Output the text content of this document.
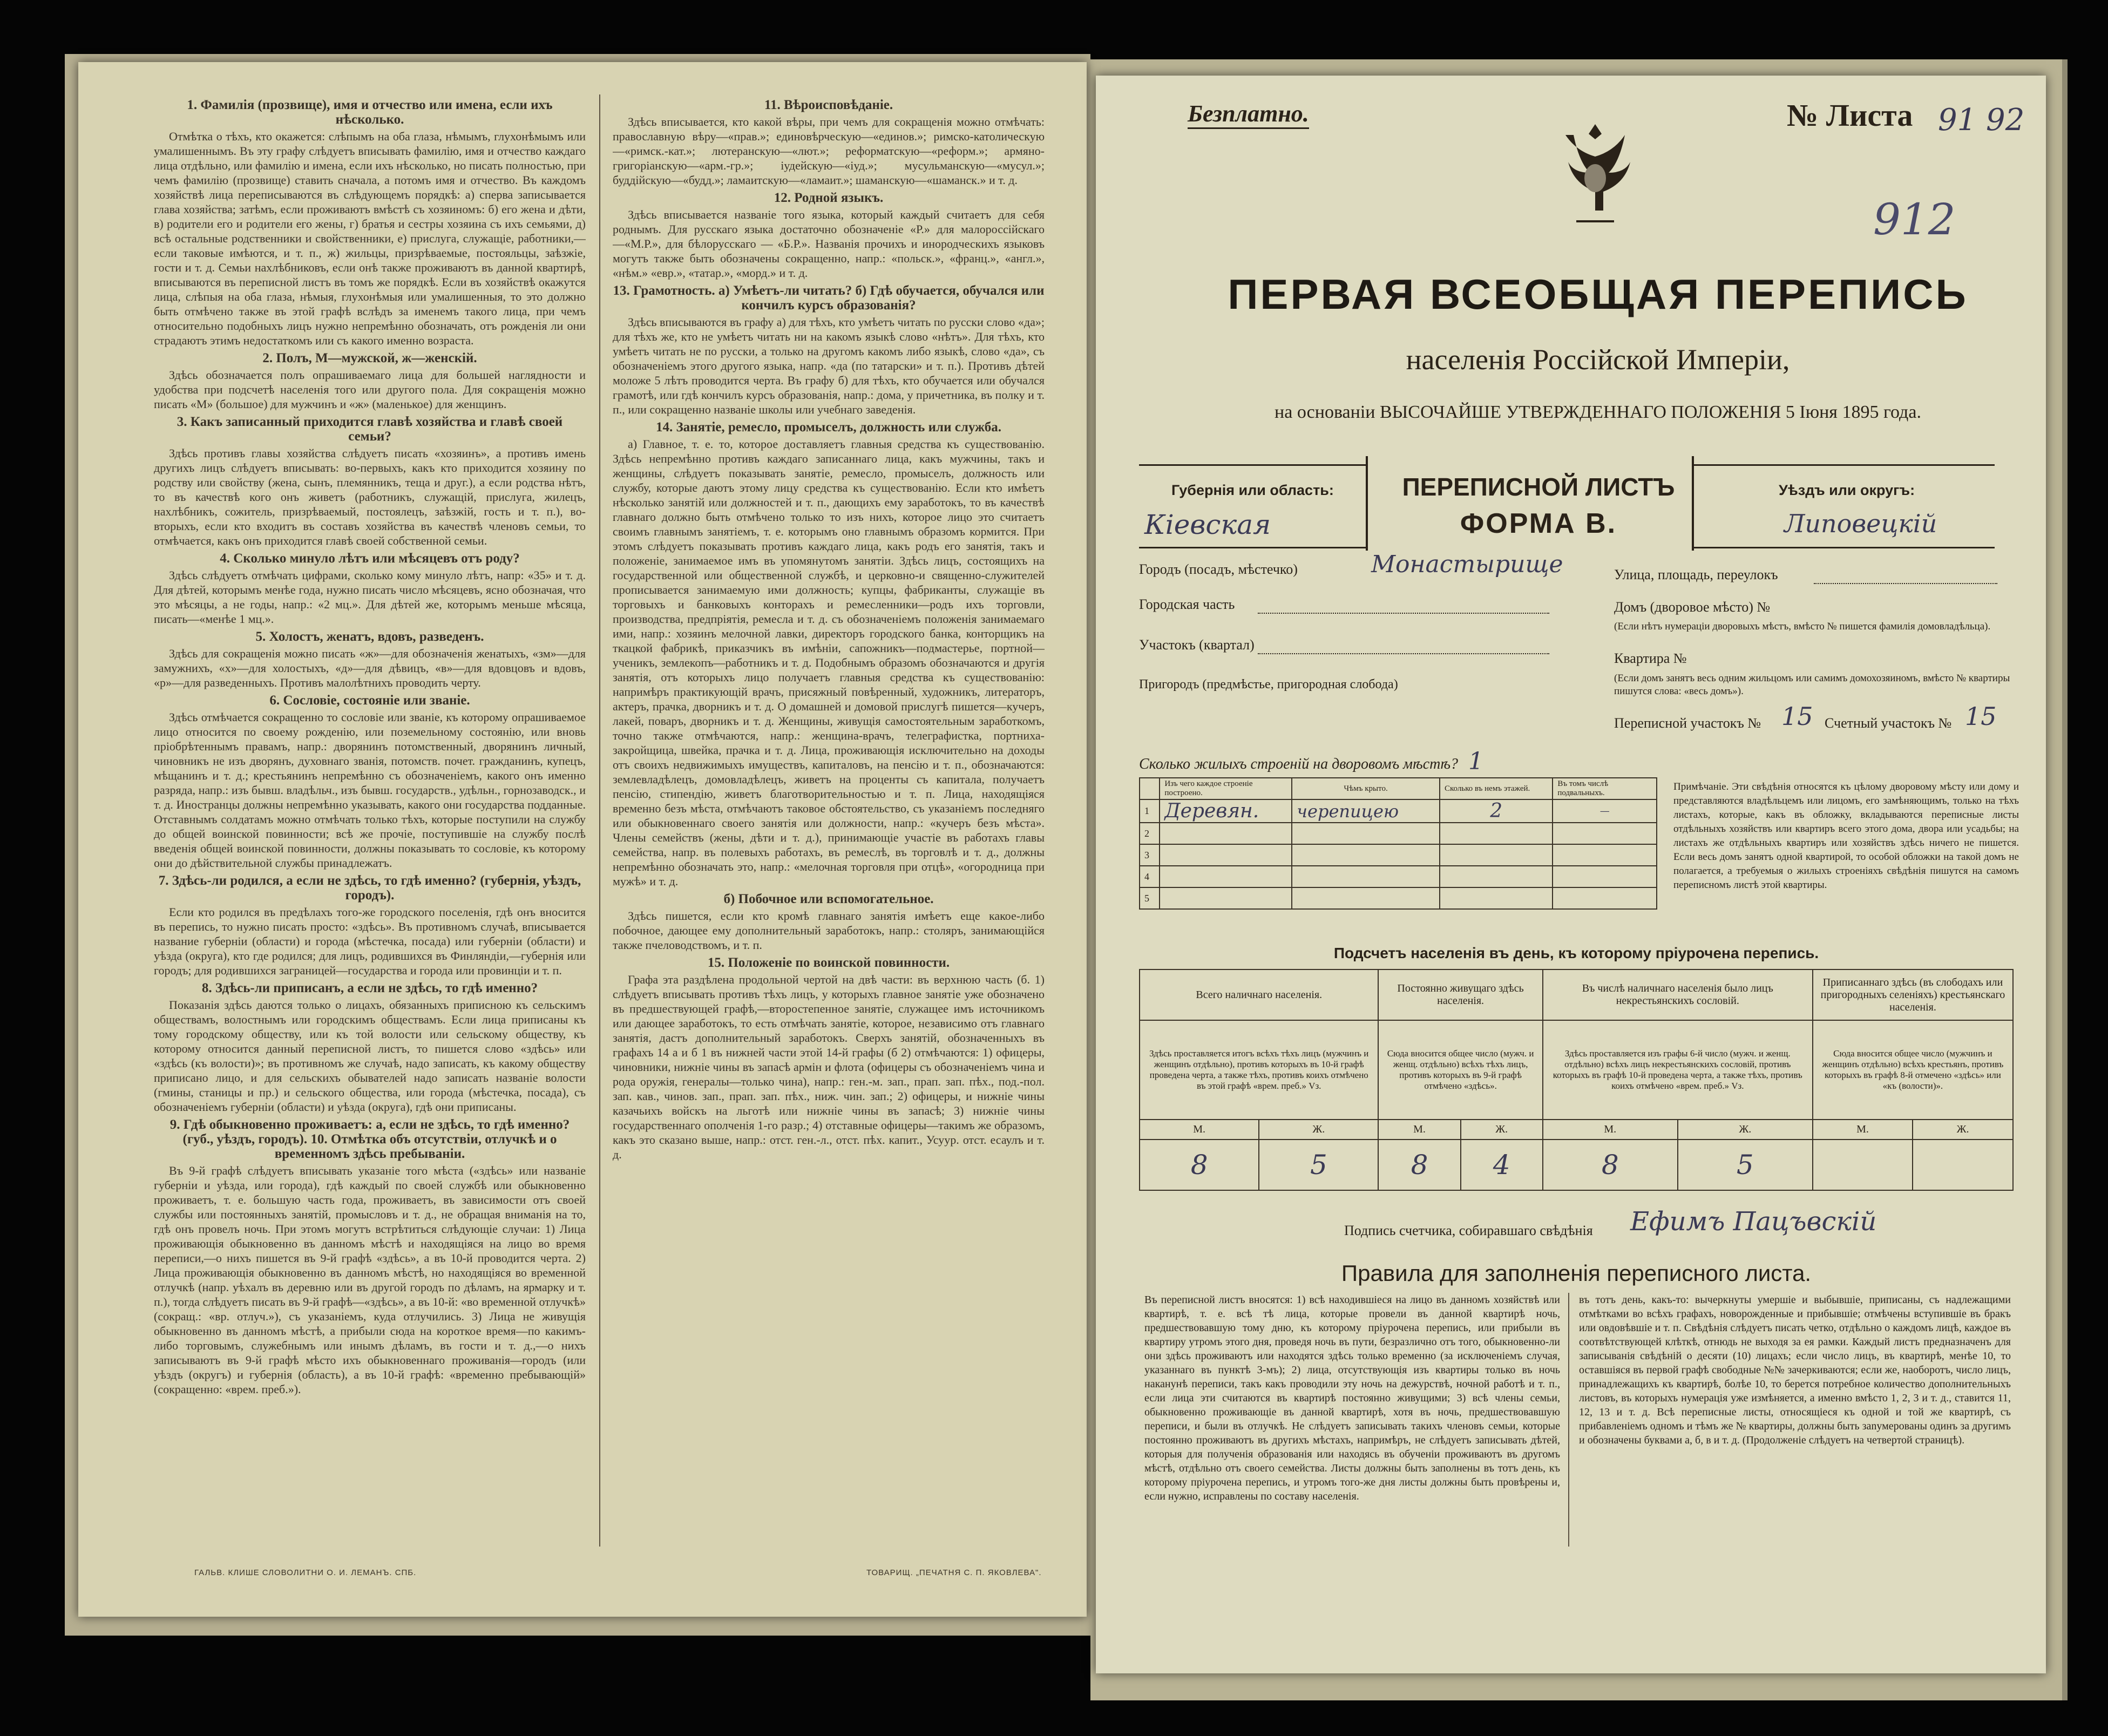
1. Фамилія (прозвище), имя и отчество или имена, если ихъ нѣсколько.

Отмѣтка о тѣхъ, кто окажется: слѣпымъ на оба глаза, нѣмымъ, глухонѣмымъ или умалишеннымъ. Въ эту графу слѣдуетъ вписывать фамилію, имя и отчество каждаго лица отдѣльно, или фамилію и имена, если ихъ нѣсколько, но писать полностью, при чемъ фамилію (прозвище) ставить сначала, а потомъ имя и отчество. Въ каждомъ хозяйствѣ лица переписываются въ слѣдующемъ порядкѣ: а) сперва записывается глава хозяйства; затѣмъ, если проживаютъ вмѣстѣ съ хозяиномъ: б) его жена и дѣти, в) родители его и родители его жены, г) братья и сестры хозяина съ ихъ семьями, д) всѣ остальные родственники и свойственники, е) прислуга, служащіе, работники,—если таковые имѣются, и т. п., ж) жильцы, призрѣваемые, постояльцы, заѣзжіе, гости и т. д. Семьи нахлѣбниковъ, если онѣ также проживаютъ въ данной квартирѣ, вписываются въ переписной листъ въ томъ же порядкѣ. Если въ хозяйствѣ окажутся лица, слѣпыя на оба глаза, нѣмыя, глухонѣмыя или умалишенныя, то это должно быть отмѣчено также въ этой графѣ вслѣдъ за именемъ такого лица, при чемъ относительно подобныхъ лицъ нужно непремѣнно обозначать, отъ рожденія ли они страдаютъ этимъ недостаткомъ или съ какого именно возраста.

2. Полъ, М—мужской, ж—женскій.

Здѣсь обозначается полъ опрашиваемаго лица для большей наглядности и удобства при подсчетѣ населенія того или другого пола. Для сокращенія можно писать «М» (большое) для мужчинъ и «ж» (маленькое) для женщинъ.

3. Какъ записанный приходится главѣ хозяйства и главѣ своей семьи?

Здѣсь противъ главы хозяйства слѣдуетъ писать «хозяинъ», а противъ имень другихъ лицъ слѣдуетъ вписывать: во-первыхъ, какъ кто приходится хозяину по родству или свойству (жена, сынъ, племянникъ, теща и друг.), а если родства нѣтъ, то въ качествѣ кого онъ живетъ (работникъ, служащій, прислуга, жилецъ, нахлѣбникъ, сожитель, призрѣваемый, постоялецъ, заѣзжій, гость и т. п.), во-вторыхъ, если кто входитъ въ составъ хозяйства въ качествѣ членовъ семьи, то отмѣчается, какъ онъ приходится главѣ своей собственной семьи.

4. Сколько минуло лѣтъ или мѣсяцевъ отъ роду?

Здѣсь слѣдуетъ отмѣчать цифрами, сколько кому минуло лѣтъ, напр: «35» и т. д. Для дѣтей, которымъ менѣе года, нужно писать число мѣсяцевъ, ясно обозначая, что это мѣсяцы, а не годы, напр.: «2 мц.». Для дѣтей же, которымъ меньше мѣсяца, писать—«менѣе 1 мц.».

5. Холостъ, женатъ, вдовъ, разведенъ.

Здѣсь для сокращенія можно писать «ж»—для обозначенія женатыхъ, «зм»—для замужнихъ, «х»—для холостыхъ, «д»—для дѣвицъ, «в»—для вдовцовъ и вдовъ, «р»—для разведенныхъ. Противъ малолѣтнихъ проводить черту.

6. Сословіе, состояніе или званіе.

Здѣсь отмѣчается сокращенно то сословіе или званіе, къ которому опрашиваемое лицо относится по своему рожденію, или поземельному состоянію, или вновь пріобрѣтеннымъ правамъ, напр.: дворянинъ потомственный, дворянинъ личный, чиновникъ не изъ дворянъ, духовнаго званія, потомств. почет. гражданинъ, купецъ, мѣщанинъ и т. д.; крестьянинъ непремѣнно съ обозначеніемъ, какого онъ именно разряда, напр.: изъ бывш. владѣльч., изъ бывш. государств., удѣльн., горнозаводск., и т. д. Иностранцы должны непремѣнно указывать, какого они государства подданные. Отставнымъ солдатамъ можно отмѣчать только тѣхъ, которые поступили на службу до общей воинской повинности; всѣ же прочіе, поступившіе на службу послѣ введенія общей воинской повинности, должны показывать то сословіе, къ которому они до дѣйствительной службы принадлежатъ.

7. Здѣсь-ли родился, а если не здѣсь, то гдѣ именно? (губернія, уѣздъ, городъ).

Если кто родился въ предѣлахъ того-же городского поселенія, гдѣ онъ вносится въ перепись, то нужно писать просто: «здѣсь». Въ противномъ случаѣ, вписывается название губерніи (области) и города (мѣстечка, посада) или губерніи (области) и уѣзда (округа), кто где родился; для лицъ, родившихся въ Финляндіи,—губернія или городъ; для родившихся заграницей—государства и города или провинціи и т. п.

8. Здѣсь-ли приписанъ, а если не здѣсь, то гдѣ именно?

Показанія здѣсь даются только о лицахъ, обязанныхъ приписною къ сельскимъ обществамъ, волостнымъ или городскимъ обществамъ. Если лица приписаны къ тому городскому обществу, или къ той волости или сельскому обществу, къ которому относится данный переписной листъ, то пишется слово «здѣсь» или «здѣсь (къ волости)»; въ противномъ же случаѣ, надо записать, къ какому обществу приписано лицо, и для сельскихъ обывателей надо записать названіе волости (гмины, станицы и пр.) и сельского общества, или города (мѣстечка, посада), съ обозначеніемъ губерніи (области) и уѣзда (округа), гдѣ они приписаны.

9. Гдѣ обыкновенно проживаетъ: а, если не здѣсь, то гдѣ именно? (губ., уѣздъ, городъ). 10. Отмѣтка объ отсутствіи, отлучкѣ и о временномъ здѣсь пребываніи.

Въ 9-й графѣ слѣдуетъ вписывать указаніе того мѣста («здѣсь» или названіе губерніи и уѣзда, или города), гдѣ каждый по своей службѣ или обыкновенно проживаетъ, т. е. большую часть года, проживаетъ, въ зависимости отъ своей службы или постоянныхъ занятій, промысловъ и т. д., не обращая вниманія на то, гдѣ онъ провелъ ночь. При этомъ могутъ встрѣтиться слѣдующіе случаи: 1) Лица проживающія обыкновенно въ данномъ мѣстѣ и находящіяся на лицо во время переписи,—о нихъ пишется въ 9-й графѣ «здѣсь», а въ 10-й проводится черта. 2) Лица проживающія обыкновенно въ данномъ мѣстѣ, но находящіяся во временной отлучкѣ (напр. уѣхалъ въ деревню или въ другой городъ по дѣламъ, на ярмарку и т. п.), тогда слѣдуетъ писать въ 9-й графѣ—«здѣсь», а въ 10-й: «во временной отлучкѣ» (сокращ.: «вр. отлуч.»), съ указаніемъ, куда отлучились. 3) Лица не живущія обыкновенно въ данномъ мѣстѣ, а прибыли сюда на короткое время—по какимъ-либо торговымъ, служебнымъ или инымъ дѣламъ, въ гости и т. д.,—о нихъ записываютъ въ 9-й графѣ мѣсто ихъ обыкновеннаго проживанія—городъ (или уѣздъ (округъ) и губернія (область), а въ 10-й графѣ: «временно пребывающій» (сокращенно: «врем. преб.»).

11. Вѣроисповѣданіе.

Здѣсь вписывается, кто какой вѣры, при чемъ для сокращенія можно отмѣчать: православную вѣру—«прав.»; единовѣрческую—«единов.»; римско-католическую—«римск.-кат.»; лютеранскую—«лют.»; реформатскую—«реформ.»; армяно-григоріанскую—«арм.-гр.»; іудейскую—«іуд.»; мусульманскую—«мусул.»; буддійскую—«будд.»; ламаитскую—«ламаит.»; шаманскую—«шаманск.» и т. д.

12. Родной языкъ.

Здѣсь вписывается названіе того языка, который каждый считаетъ для себя роднымъ. Для русскаго языка достаточно обозначеніе «Р.» для малороссійскаго—«М.Р.», для бѣлорусскаго — «Б.Р.». Названія прочихъ и инородческихъ языковъ могутъ также быть обозначены сокращенно, напр.: «польск.», «франц.», «англ.», «нѣм.» «евр.», «татар.», «морд.» и т. д.

13. Грамотность. а) Умѣетъ-ли читать? б) Гдѣ обучается, обучался или кончилъ курсъ образованія?

Здѣсь вписываются въ графу а) для тѣхъ, кто умѣетъ читать по русски слово «да»; для тѣхъ же, кто не умѣетъ читать ни на какомъ языкѣ слово «нѣтъ». Для тѣхъ, кто умѣетъ читать не по русски, а только на другомъ какомъ либо языкѣ, слово «да», съ обозначеніемъ этого другого языка, напр. «да (по татарски» и т. п.). Противъ дѣтей моложе 5 лѣтъ проводится черта. Въ графу б) для тѣхъ, кто обучается или обучался грамотѣ, или гдѣ кончилъ курсъ образованія, напр.: дома, у причетника, въ полку и т. п., или сокращенно названіе школы или учебнаго заведенія.

14. Занятіе, ремесло, промыселъ, должность или служба.

а) Главное, т. е. то, которое доставляетъ главныя средства къ существованію. Здѣсь непремѣнно противъ каждаго записаннаго лица, какъ мужчины, такъ и женщины, слѣдуетъ показывать занятіе, ремесло, промыселъ, должность или службу, которые даютъ этому лицу средства къ существованію. Если кто имѣетъ нѣсколько занятій или должностей и т. п., дающихъ ему заработокъ, то въ качествѣ главнаго должно быть отмѣчено только то изъ нихъ, которое лицо это считаетъ своимъ главнымъ занятіемъ, т. е. которымъ оно главнымъ образомъ кормится. При этомъ слѣдуетъ показывать противъ каждаго лица, какъ родъ его занятія, такъ и положеніе, занимаемое имъ въ упомянутомъ занятіи. Здѣсь лицъ, состоящихъ на государственной или общественной службѣ, и церковно-и священно-служителей прописывается занимаемую ими должность; купцы, фабриканты, служащіе въ торговыхъ и банковыхъ конторахъ и ремесленники—родъ ихъ торговли, производства, предпріятія, ремесла и т. д. съ обозначеніемъ положенія занимаемаго ими, напр.: хозяинъ мелочной лавки, директоръ городского банка, конторщикъ на ткацкой фабрикѣ, приказчикъ въ имѣніи, сапожникъ—подмастерье, портной—ученикъ, землекопъ—работникъ и т. д. Подобнымъ образомъ обозначаются и другія занятія, отъ которыхъ лицо получаетъ главныя средства къ существованію: напримѣръ практикующій врачъ, присяжный повѣренный, художникъ, литераторъ, актеръ, прачка, дворникъ и т. д. О домашней и домовой прислугѣ пишется—кучеръ, лакей, поваръ, дворникъ и т. д. Женщины, живущія самостоятельным заработкомъ, точно также отмѣчаются, напр.: женщина-врачъ, телеграфистка, портниха-закройщица, швейка, прачка и т. д. Лица, проживающія исключительно на доходы отъ своихъ недвижимыхъ имуществъ, капиталовъ, на пенсію и т. п., обозначаются: землевладѣлецъ, домовладѣлецъ, живетъ на проценты съ капитала, получаетъ пенсію, стипендію, живетъ благотворительностью и т. п. Лица, находящіяся временно безъ мѣста, отмѣчаютъ таковое обстоятельство, съ указаніемъ последняго или обыкновеннаго своего занятія или должности, напр.: «кучеръ безъ мѣста». Члены семействъ (жены, дѣти и т. д.), принимающіе участіе въ работахъ главы семейства, напр. въ полевыхъ работахъ, въ ремеслѣ, въ торговлѣ и т. д., должны непремѣнно обозначать это, напр.: «мелочная торговля при отцѣ», «огородница при мужѣ» и т. д.

б) Побочное или вспомогательное.

Здѣсь пишется, если кто кромѣ главнаго занятія имѣетъ еще какое-либо побочное, дающее ему дополнительный заработокъ, напр.: столяръ, занимающійся также пчеловодствомъ, и т. п.

15. Положеніе по воинской повинности.

Графа эта раздѣлена продольной чертой на двѣ части: въ верхнюю часть (б. 1) слѣдуетъ вписывать противъ тѣхъ лицъ, у которыхъ главное занятіе уже обозначено въ предшествующей графѣ,—второстепенное занятіе, служащее имъ источникомъ или дающее заработокъ, то есть отмѣчать занятіе, которое, независимо отъ главнаго занятія, дастъ дополнительный заработокъ. Сверхъ занятій, обозначенныхъ въ графахъ 14 а и б 1 въ нижней части этой 14-й графы (б 2) отмѣчаются: 1) офицеры, чиновники, нижніе чины въ запасѣ армін и флота (офицеры съ обозначеніемъ чина и рода оружія, генералы—только чина), напр.: ген.-м. зап., прап. зап. пѣх., под.-пол. зап. кав., чинов. зап., прап. зап. пѣх., ниж. чин. зап.; 2) офицеры, и нижніе чины казачьихъ войскъ на льготѣ или нижніе чины въ запасѣ; 3) нижніе чины государственнаго ополченія 1-го разр.; 4) отставные офицеры—такимъ же образомъ, какъ это сказано выше, напр.: отст. ген.-л., отст. пѣх. капит., Усуур. отст. есаулъ и т. д.

ГАЛЬВ. КЛИШЕ СЛОВОЛИТНИ О. И. ЛЕМАНЪ. СПБ.	ТОВАРИЩ. „ПЕЧАТНЯ С. П. ЯКОВЛЕВА".
Безплатно.	№ Листа 91 92
912
ПЕРЕПИСНОЙ ЛИСТЪ
ФОРМА В.
ПЕРВАЯ ВСЕОБЩАЯ ПЕРЕПИСЬ
населенія Россійской Имперіи,
на основаніи ВЫСОЧАЙШЕ УТВЕРЖДЕННАГО ПОЛОЖЕНІЯ 5 Іюня 1895 года.
Губернія или область:
Кіевская
Уѣздъ или округъ:
Липовецкій
Городъ (посадъ, мѣстечко)	Монастырище	Улица, площадь, переулокъ
Городская часть	Домъ (дворовое мѣсто) №
(Если нѣтъ нумераціи дворовыхъ мѣстъ, вмѣсто № пишется фамилія домовладѣльца).
Участокъ (квартал)
Квартира №
(Если домъ занятъ весь одним жильцомъ или самимъ домохозяиномъ, вмѣсто № квартиры пишутся слова: «весь домъ»).
Пригородъ (предмѣстье, пригородная слобода)
Переписной участокъ № 15 Счетный участокъ № 15
Сколько жилыхъ строеній на дворовомъ мѣстѣ? 1
	Изъ чего каждое строеніе построено.	Чѣмъ крыто.	Сколько въ немъ этажей.	Въ томъ числѣ подвальныхъ.
1	Деревян.	черепицею	2	—
2				
3				
4				
5				
Примѣчаніе. Эти свѣдѣнія относятся къ цѣлому дворовому мѣсту или дому и представляются владѣльцемъ или лицомъ, его замѣняющимъ, только на тѣхъ листахъ, которые, какъ въ обложку, вкладываются переписные листы отдѣльныхъ хозяйствъ или квартиръ всего этого дома, двора или усадьбы; на листахъ же отдѣльныхъ квартиръ или хозяйствъ здѣсь ничего не пишется. Если весь домъ занятъ одной квартирой, то особой обложки на такой домъ не полагается, а требуемыя о жилыхъ строеніяхъ свѣдѣнія пишутся на самомъ переписномъ листѣ этой квартиры.
Подсчетъ населенія въ день, къ которому пріурочена перепись.
Всего наличнаго населенія.		Постоянно живущаго здѣсь населенія.		Въ числѣ наличнаго населенія было лицъ некрестьянскихъ сословій.		Приписаннаго здѣсь (въ слободахъ или пригородныхъ селеніяхъ) крестьянскаго населенія.	
Здѣсь проставляется итогъ всѣхъ тѣхъ лицъ (мужчинъ и женщинъ отдѣльно), противъ которыхъ въ 10-й графѣ проведена черта, а также тѣхъ, противъ коихъ отмѣчено въ этой графѣ «врем. преб.» Vз.		Сюда вносится общее число (мужч. и женщ. отдѣльно) всѣхъ тѣхъ лицъ, противъ которыхъ въ 9-й графѣ отмѣчено «здѣсь».		Здѣсь проставляется изъ графы 6-й число (мужч. и женщ. отдѣльно) всѣхъ лицъ некрестьянскихъ сословій, противъ которыхъ въ графѣ 10-й проведена черта, а также тѣхъ, противъ коихъ отмѣчено «врем. преб.» Vз.		Сюда вносится общее число (мужчинъ и женщинъ отдѣльно) всѣхъ крестьянъ, противъ которыхъ въ графѣ 8-й отмечено «здѣсь» или «къ (волости)».	
М.	Ж.	М.	Ж.	М.	Ж.	М.	Ж.
8	5	8	4	8	5		
Подпись счетчика, собиравшаго свѣдѣнія Ефимъ Пацъвскій
Правила для заполненія переписного листа.
Въ переписной листъ вносятся: 1) всѣ находившіеся на лицо въ данномъ хозяйствѣ или квартирѣ, т. е. всѣ тѣ лица, которые провели въ данной квартирѣ ночь, предшествовавшую тому дню, къ которому пріурочена перепись, или прибыли въ квартиру утромъ этого дня, проведя ночь въ пути, безразлично отъ того, обыкновенно-ли они здѣсь проживаютъ или находятся здѣсь только временно (за исключеніемъ случая, указаннаго въ пунктѣ 3-мъ); 2) лица, отсутствующія изъ квартиры только въ ночь наканунѣ переписи, такъ какъ проводили эту ночь на дежурствѣ, ночной работѣ и т. п., если лица эти считаются въ квартирѣ постоянно живущими; 3) всѣ члены семьи, обыкновенно проживающіе въ данной квартирѣ, хотя въ ночь, предшествовавшую переписи, и были въ отлучкѣ. Не слѣдуетъ записывать такихъ членовъ семьи, которые постоянно проживаютъ въ другихъ мѣстахъ, напримѣръ, не слѣдуетъ записывать дѣтей, которыя для полученія образованія или находясь въ обученіи проживаютъ въ другомъ мѣстѣ, отдѣльно отъ своего семейства. Листы должны быть заполнены въ тотъ день, къ которому пріурочена перепись, и утромъ того-же дня листы должны быть провѣрены и, если нужно, исправлены по составу населенія.
въ тотъ день, какъ-то: вычеркнуты умершіе и выбывшіе, приписаны, съ надлежащими отмѣтками во всѣхъ графахъ, новорожденные и прибывшіе; отмѣчены вступившіе въ бракъ или овдовѣвшіе и т. п. Свѣдѣнія слѣдуетъ писать четко, отдѣльно о каждомъ лицѣ, каждое въ соотвѣтствующей клѣткѣ, отнюдь не выходя за ея рамки. Каждый листъ предназначенъ для записыванія свѣдѣній о десяти (10) лицахъ; если число лицъ, въ квартирѣ, менѣе 10, то оставшіяся въ первой графѣ свободные №№ зачеркиваются; если же, наоборотъ, число лицъ, принадлежащихъ къ квартирѣ, болѣе 10, то берется потребное количество дополнительныхъ листовъ, въ которыхъ нумерація уже измѣняется, а именно вмѣсто 1, 2, 3 и т. д., ставится 11, 12, 13 и т. д. Всѣ переписные листы, относящіеся къ одной и той же квартирѣ, съ прибавленіемъ одномъ и тѣмъ же № квартиры, должны быть заnумерованы одинъ за другимъ и обозначены буквами а, б, в и т. д. (Продолженіе слѣдуетъ на четвертой страницѣ).
